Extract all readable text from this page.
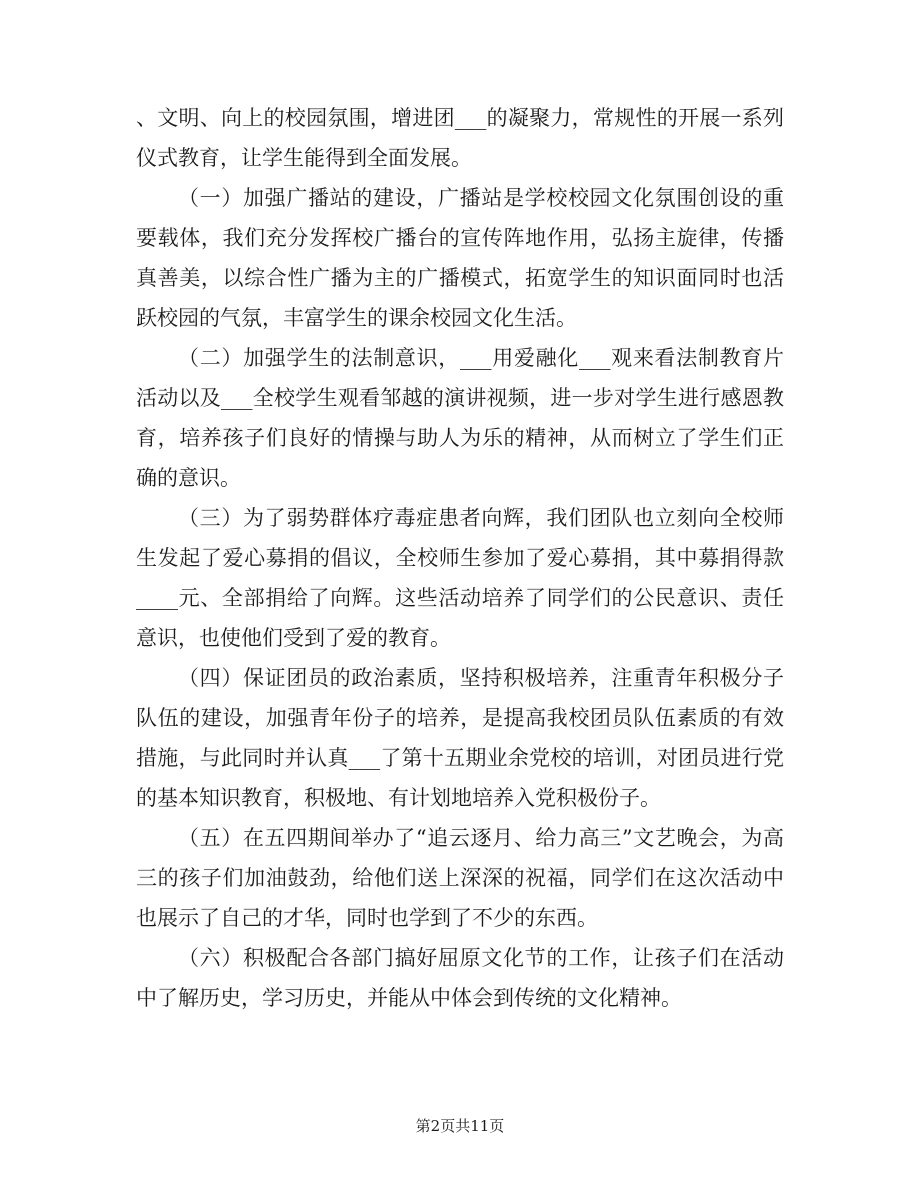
、文明、向上的校园氛围，增进团___的凝聚力，常规性的开展一系列仪式教育，让学生能得到全面发展。

（一）加强广播站的建设，广播站是学校校园文化氛围创设的重要载体，我们充分发挥校广播台的宣传阵地作用，弘扬主旋律，传播真善美，以综合性广播为主的广播模式，拓宽学生的知识面同时也活跃校园的气氛，丰富学生的课余校园文化生活。

（二）加强学生的法制意识，___用爱融化___观来看法制教育片活动以及___全校学生观看邹越的演讲视频，进一步对学生进行感恩教育，培养孩子们良好的情操与助人为乐的精神，从而树立了学生们正确的意识。

（三）为了弱势群体疗毒症患者向辉，我们团队也立刻向全校师生发起了爱心募捐的倡议，全校师生参加了爱心募捐，其中募捐得款____元、全部捐给了向辉。这些活动培养了同学们的公民意识、责任意识，也使他们受到了爱的教育。

（四）保证团员的政治素质，坚持积极培养，注重青年积极分子队伍的建设，加强青年份子的培养，是提高我校团员队伍素质的有效措施，与此同时并认真___了第十五期业余党校的培训，对团员进行党的基本知识教育，积极地、有计划地培养入党积极份子。

（五）在五四期间举办了“追云逐月、给力高三”文艺晚会，为高三的孩子们加油鼓劲，给他们送上深深的祝福，同学们在这次活动中也展示了自己的才华，同时也学到了不少的东西。

（六）积极配合各部门搞好屈原文化节的工作，让孩子们在活动中了解历史，学习历史，并能从中体会到传统的文化精神。

第2页共11页
